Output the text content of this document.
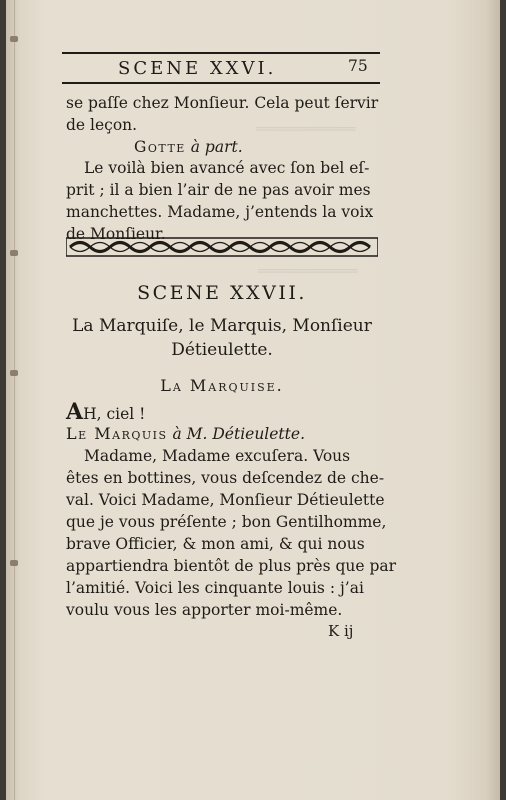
═══════════
═══════════
SCENE XXVI.	75
se paſſe chez Monſieur. Cela peut ſervir
de leçon.
Gotte à part.
Le voilà bien avancé avec ſon bel eſ-
prit ; il a bien l’air de ne pas avoir mes
manchettes. Madame, j’entends la voix
de Monſieur.
SCENE XXVII.
La Marquiſe, le Marquis, Monſieur
Détieulette.
La Marquise.
AH, ciel !
Le Marquis à M. Détieulette.
Madame, Madame excuſera. Vous
êtes en bottines, vous deſcendez de che-
val. Voici Madame, Monſieur Détieulette
que je vous préſente ; bon Gentilhomme,
brave Officier, & mon ami, & qui nous
appartiendra bientôt de plus près que par
l’amitié. Voici les cinquante louis : j’ai
voulu vous les apporter moi-même.
K ij
